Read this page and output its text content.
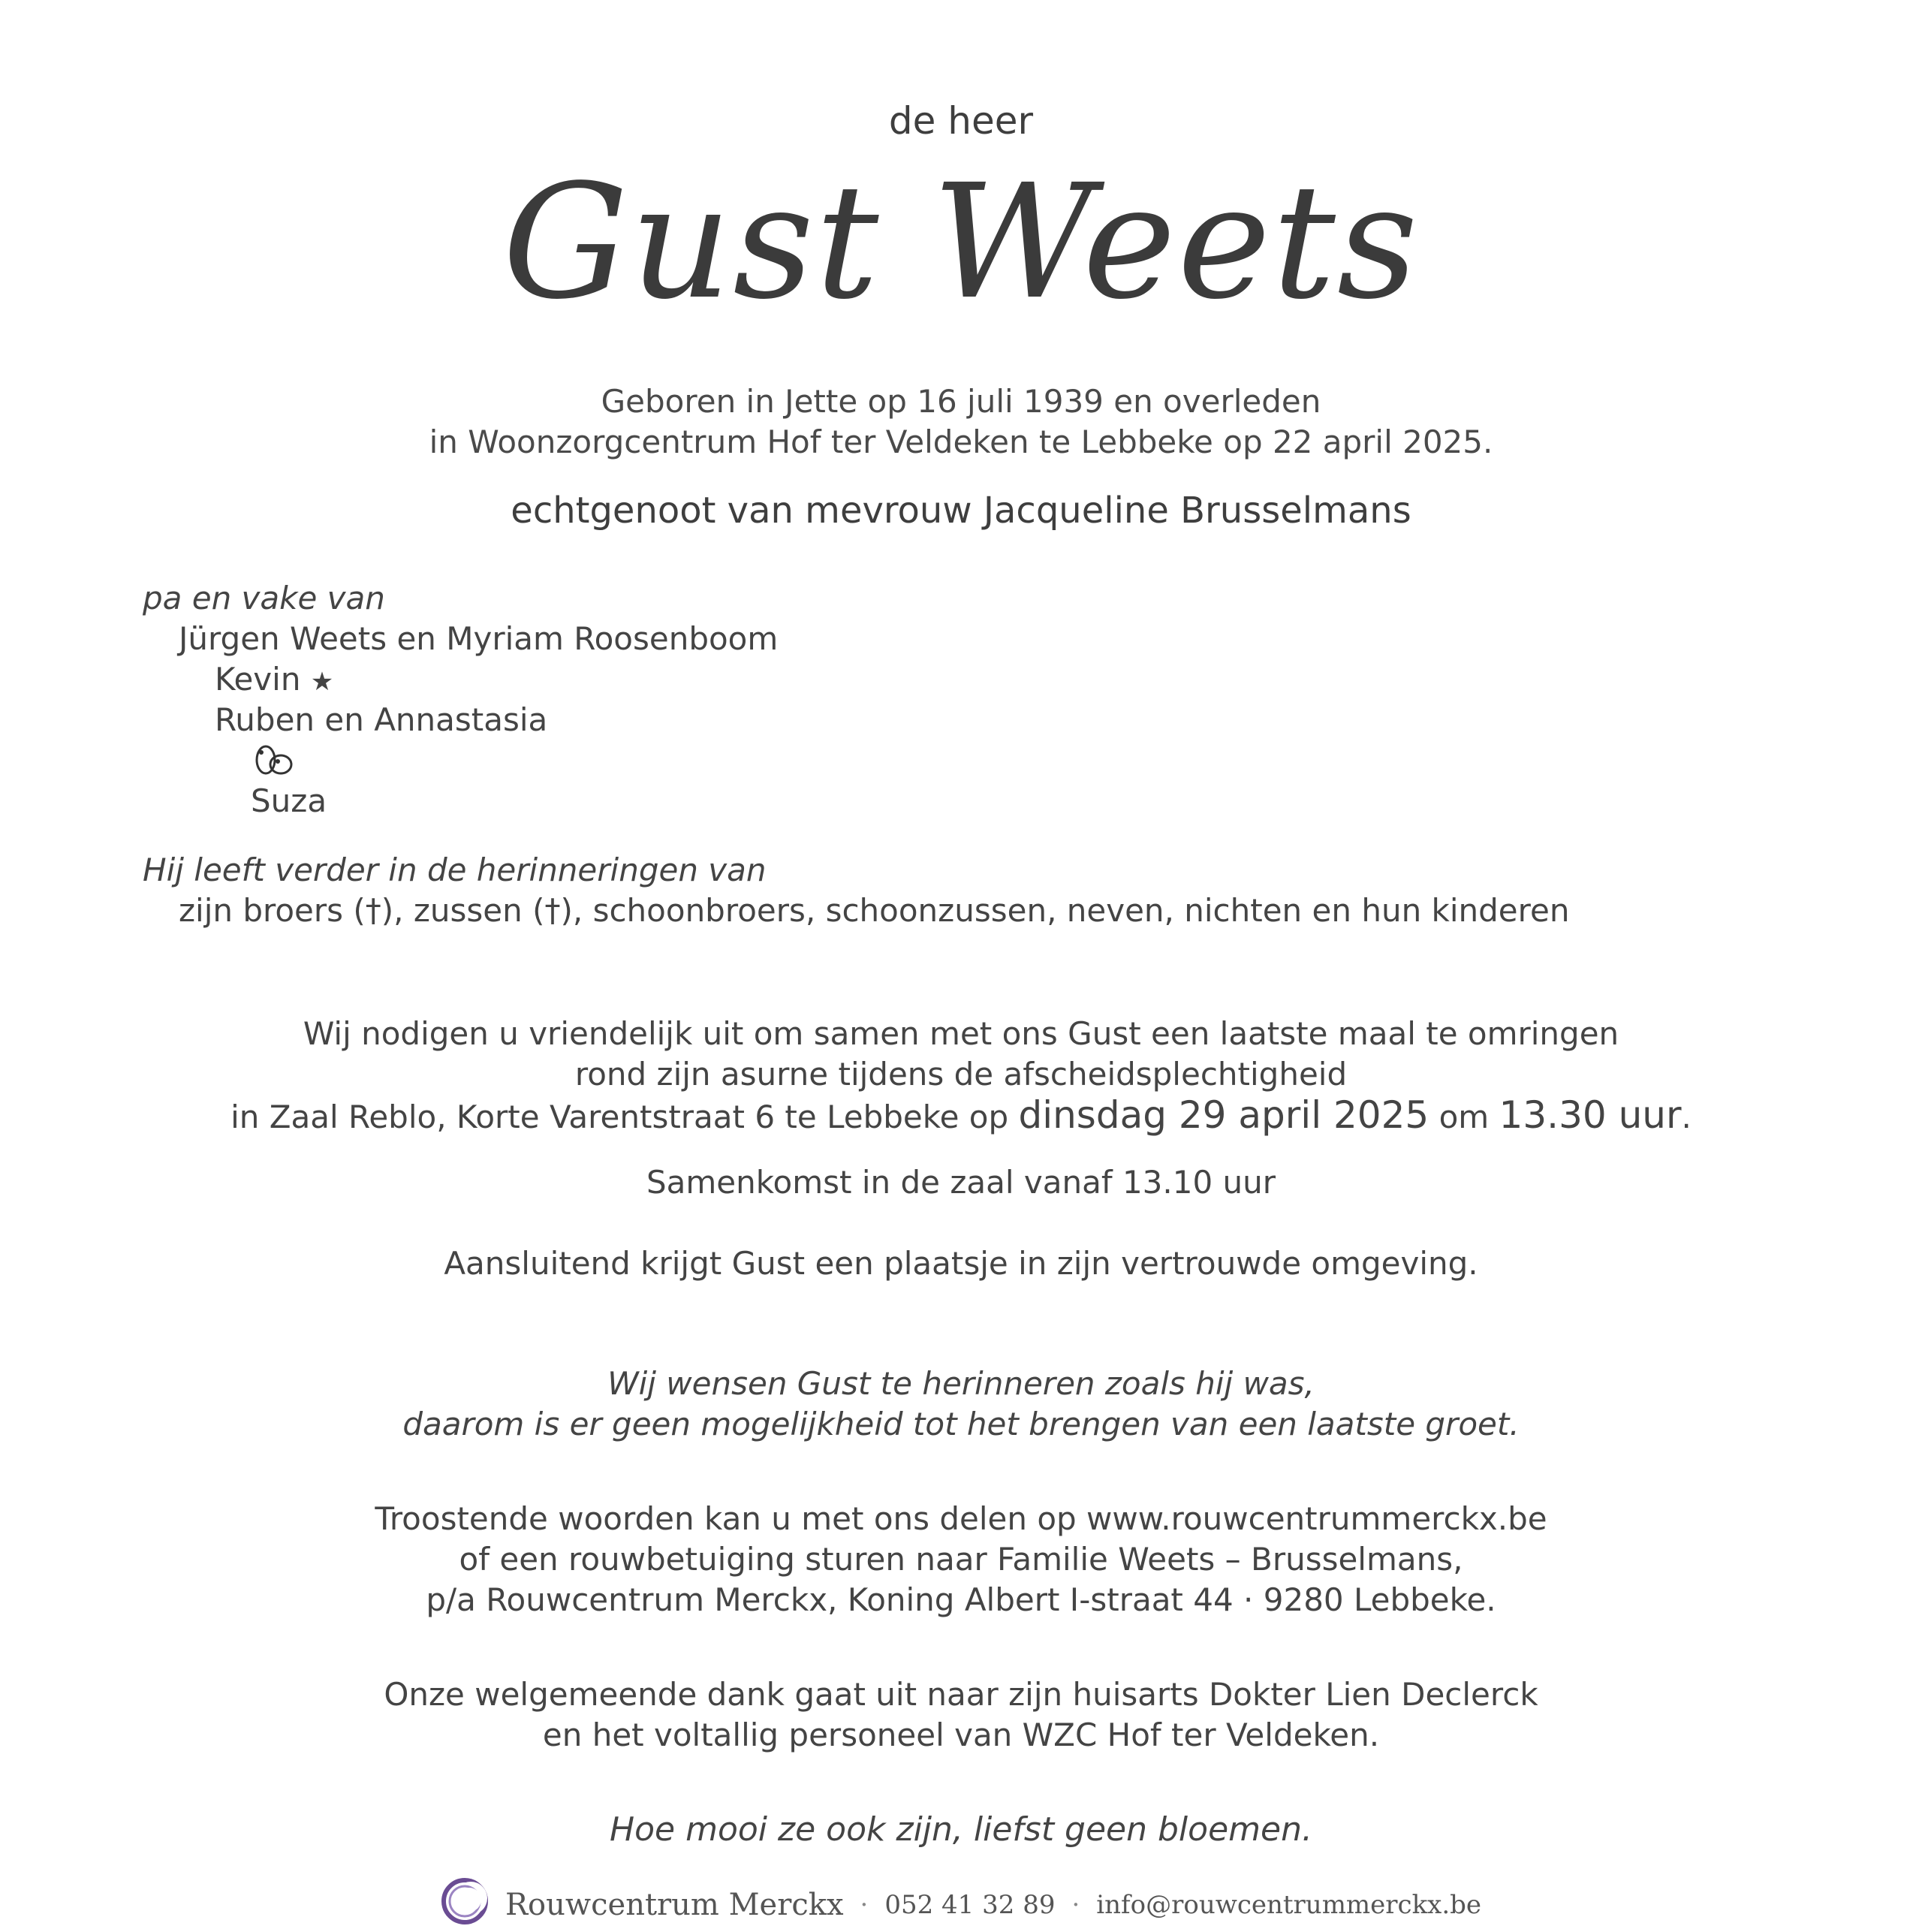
de heer
Gust Weets
Geboren in Jette op 16 juli 1939 en overleden
in Woonzorgcentrum Hof ter Veldeken te Lebbeke op 22 april 2025.
echtgenoot van mevrouw Jacqueline Brusselmans
pa en vake van
Jürgen Weets en Myriam Roosenboom
Kevin ★
Ruben en Annastasia
Suza
Hij leeft verder in de herinneringen van
zijn broers (†), zussen (†), schoonbroers, schoonzussen, neven, nichten en hun kinderen
Wij nodigen u vriendelijk uit om samen met ons Gust een laatste maal te omringen
rond zijn asurne tijdens de afscheidsplechtigheid
in Zaal Reblo, Korte Varentstraat 6 te Lebbeke op dinsdag 29 april 2025 om 13.30 uur.
Samenkomst in de zaal vanaf 13.10 uur
Aansluitend krijgt Gust een plaatsje in zijn vertrouwde omgeving.
Wij wensen Gust te herinneren zoals hij was,
daarom is er geen mogelijkheid tot het brengen van een laatste groet.
Troostende woorden kan u met ons delen op www.rouwcentrummerckx.be
of een rouwbetuiging sturen naar Familie Weets – Brusselmans,
p/a Rouwcentrum Merckx, Koning Albert I-straat 44 · 9280 Lebbeke.
Onze welgemeende dank gaat uit naar zijn huisarts Dokter Lien Declerck
en het voltallig personeel van WZC Hof ter Veldeken.
Hoe mooi ze ook zijn, liefst geen bloemen.
Rouwcentrum Merckx · 052 41 32 89 · info@rouwcentrummerckx.be
